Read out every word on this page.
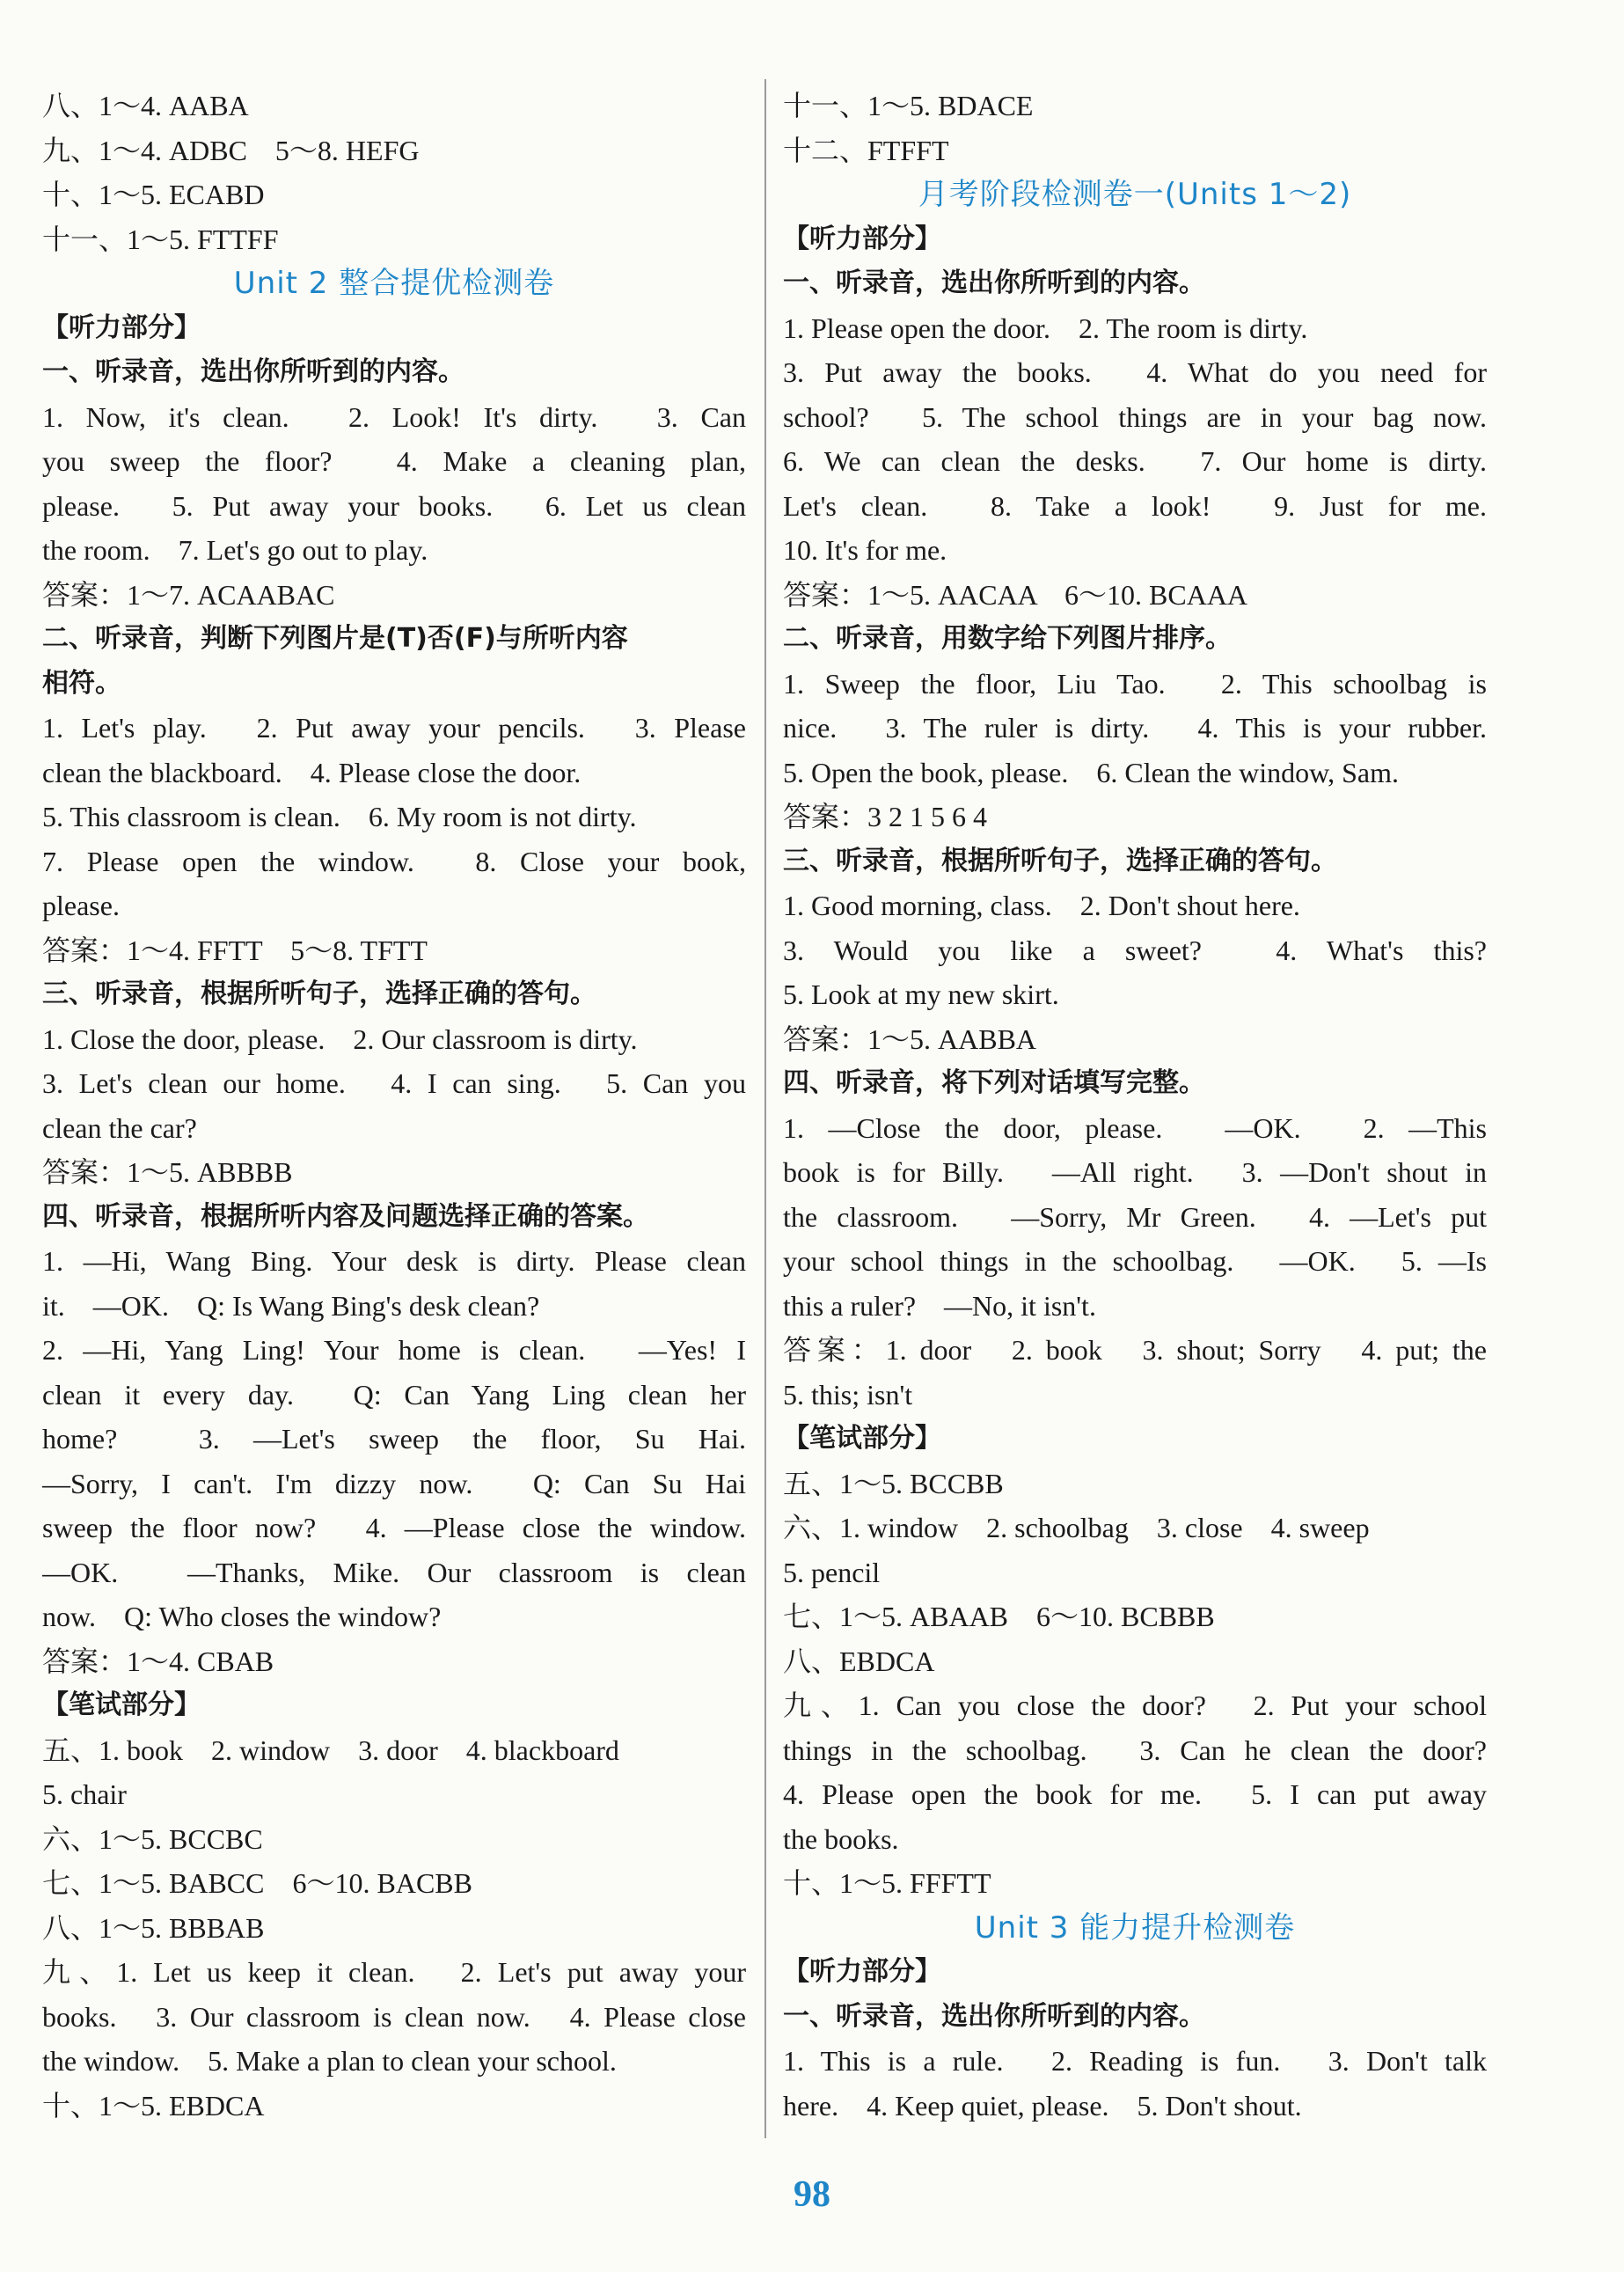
八、1～4. AABA
九、1～4. ADBC　5～8. HEFG
十、1～5. ECABD
十一、1～5. FTTFF
Unit 2 整合提优检测卷
【听力部分】
一、听录音，选出你所听到的内容。
1. Now, it's clean.　2. Look! It's dirty.　3. Can
you sweep the floor?　4. Make a cleaning plan,
please.　5. Put away your books.　6. Let us clean
the room.　7. Let's go out to play.
答案：1～7. ACAABAC
二、听录音，判断下列图片是(T)否(F)与所听内容
相符。
1. Let's play.　2. Put away your pencils.　3. Please
clean the blackboard.　4. Please close the door.
5. This classroom is clean.　6. My room is not dirty.
7. Please open the window.　8. Close your book,
please.
答案：1～4. FFTT　5～8. TFTT
三、听录音，根据所听句子，选择正确的答句。
1. Close the door, please.　2. Our classroom is dirty.
3. Let's clean our home.　4. I can sing.　5. Can you
clean the car?
答案：1～5. ABBBB
四、听录音，根据所听内容及问题选择正确的答案。
1. —Hi, Wang Bing. Your desk is dirty. Please clean
it.　—OK.　Q: Is Wang Bing's desk clean?
2. —Hi, Yang Ling! Your home is clean.　—Yes! I
clean it every day.　Q: Can Yang Ling clean her
home?　3. —Let's sweep the floor, Su Hai.
—Sorry, I can't. I'm dizzy now.　Q: Can Su Hai
sweep the floor now?　4. —Please close the window.
—OK.　—Thanks, Mike. Our classroom is clean
now.　Q: Who closes the window?
答案：1～4. CBAB
【笔试部分】
五、1. book　2. window　3. door　4. blackboard
5. chair
六、1～5. BCCBC
七、1～5. BABCC　6～10. BACBB
八、1～5. BBBAB
九、1. Let us keep it clean.　2. Let's put away your
books.　3. Our classroom is clean now.　4. Please close
the window.　5. Make a plan to clean your school.
十、1～5. EBDCA
十一、1～5. BDACE
十二、FTFFT
月考阶段检测卷一(Units 1～2)
【听力部分】
一、听录音，选出你所听到的内容。
1. Please open the door.　2. The room is dirty.
3. Put away the books.　4. What do you need for
school?　5. The school things are in your bag now.
6. We can clean the desks.　7. Our home is dirty.
Let's clean.　8. Take a look!　9. Just for me.
10. It's for me.
答案：1～5. AACAA　6～10. BCAAA
二、听录音，用数字给下列图片排序。
1. Sweep the floor, Liu Tao.　2. This schoolbag is
nice.　3. The ruler is dirty.　4. This is your rubber.
5. Open the book, please.　6. Clean the window, Sam.
答案：3 2 1 5 6 4
三、听录音，根据所听句子，选择正确的答句。
1. Good morning, class.　2. Don't shout here.
3. Would you like a sweet?　4. What's this?
5. Look at my new skirt.
答案：1～5. AABBA
四、听录音，将下列对话填写完整。
1. —Close the door, please.　—OK.　2. —This
book is for Billy.　—All right.　3. —Don't shout in
the classroom.　—Sorry, Mr Green.　4. —Let's put
your school things in the schoolbag.　—OK.　5. —Is
this a ruler?　—No, it isn't.
答案：1. door　2. book　3. shout; Sorry　4. put; the
5. this; isn't
【笔试部分】
五、1～5. BCCBB
六、1. window　2. schoolbag　3. close　4. sweep
5. pencil
七、1～5. ABAAB　6～10. BCBBB
八、EBDCA
九、1. Can you close the door?　2. Put your school
things in the schoolbag.　3. Can he clean the door?
4. Please open the book for me.　5. I can put away
the books.
十、1～5. FFFTT
Unit 3 能力提升检测卷
【听力部分】
一、听录音，选出你所听到的内容。
1. This is a rule.　2. Reading is fun.　3. Don't talk
here.　4. Keep quiet, please.　5. Don't shout.
98
